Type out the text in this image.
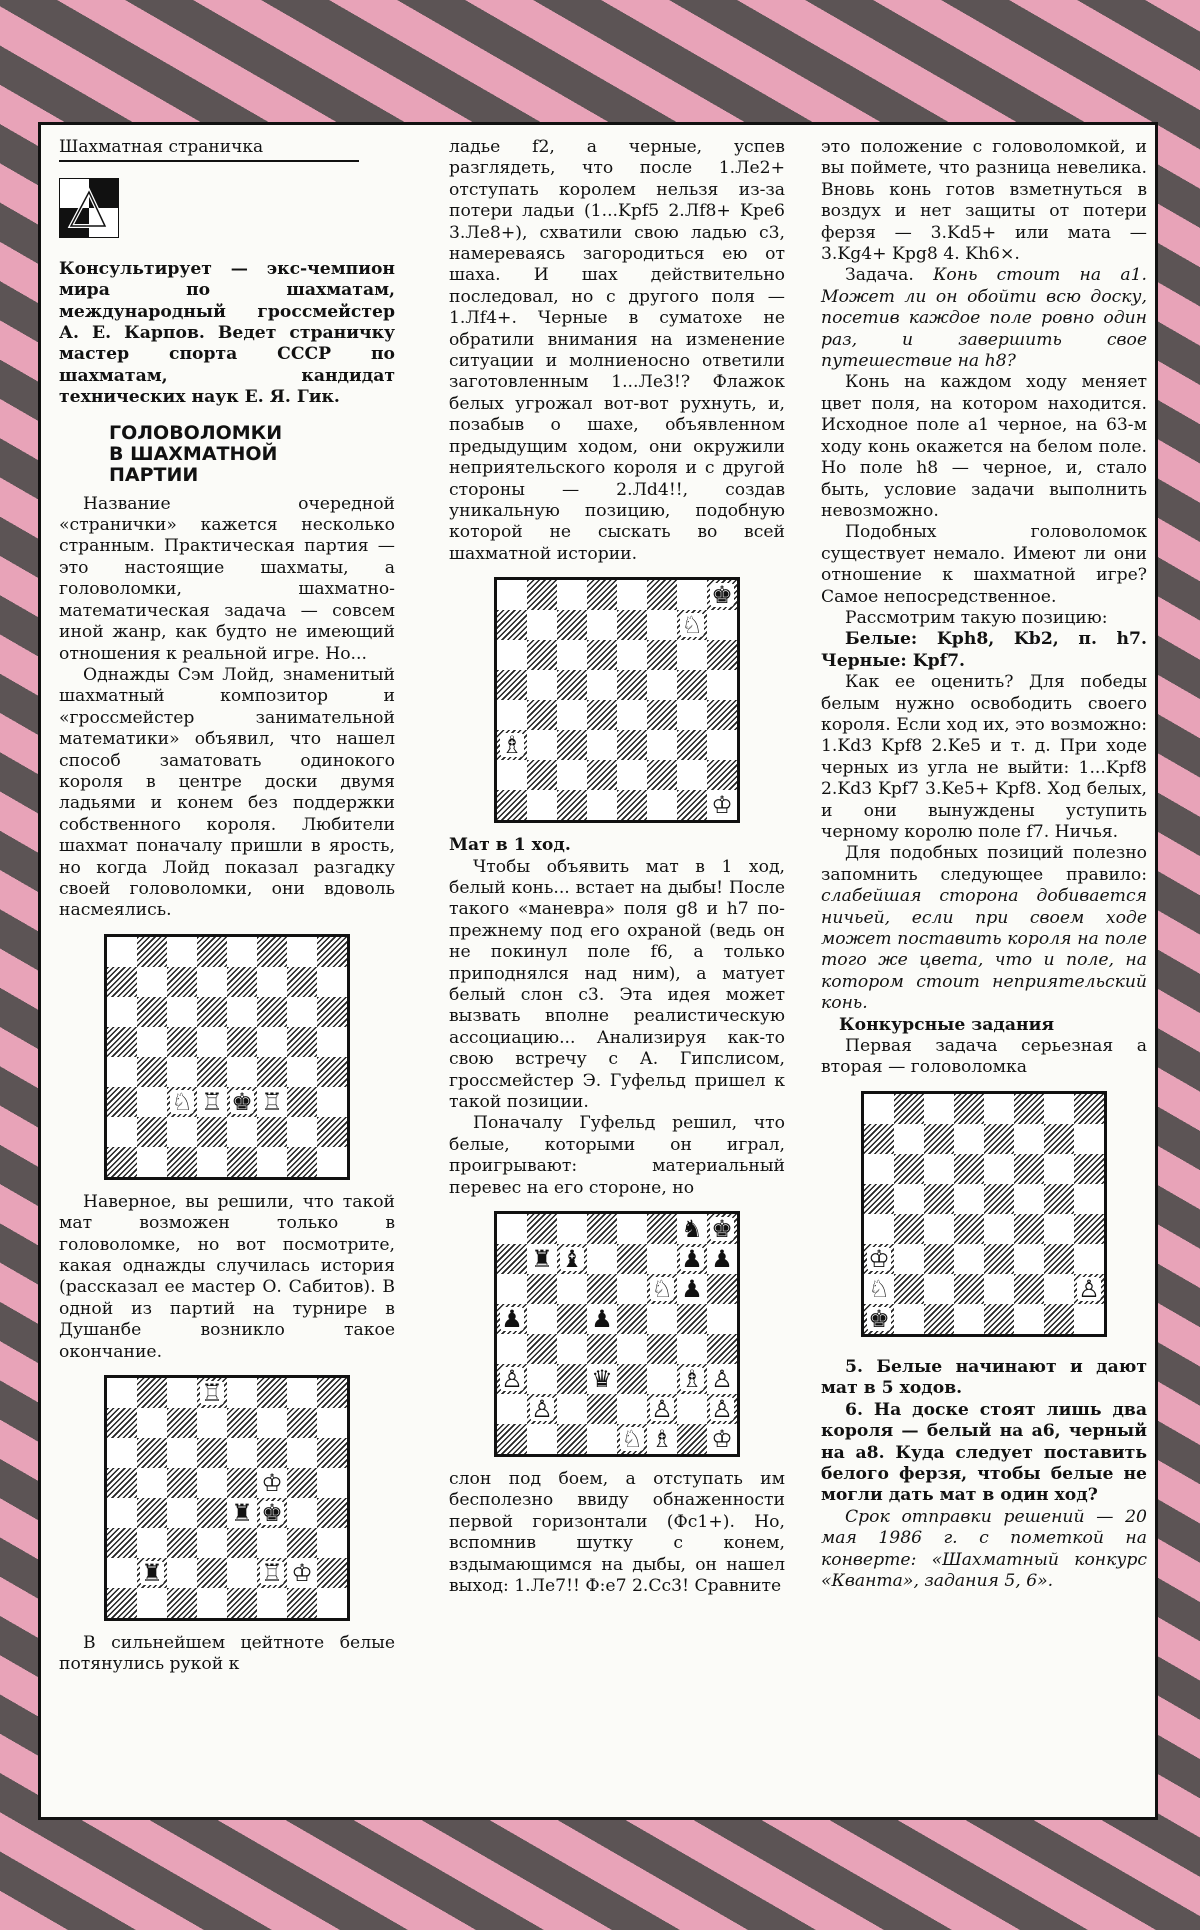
Шахматная страничка

Консультирует — экс-чемпион мира по шахматам, международный гроссмейстер А. Е. Карпов. Ведет страничку мастер спорта СССР по шахматам, кандидат технических наук Е. Я. Гик.

ГОЛОВОЛОМКИ
В ШАХМАТНОЙ
ПАРТИИ

Название очередной «странички» кажется несколько странным. Практическая партия — это настоящие шахматы, а головоломки, шахматно-математическая задача — совсем иной жанр, как будто не имеющий отношения к реальной игре. Но...

Однажды Сэм Лойд, знаменитый шахматный композитор и «гроссмейстер занимательной математики» объявил, что нашел способ заматовать одинокого короля в центре доски двумя ладьями и конем без поддержки собственного короля. Любители шахмат поначалу пришли в ярость, но когда Лойд показал разгадку своей головоломки, они вдоволь насмеялись.

♘ ♖ ♚ ♖

Наверное, вы решили, что такой мат возможен только в головоломке, но вот посмотрите, какая однажды случилась история (рассказал ее мастер О. Сабитов). В одной из партий на турнире в Душанбе возникло такое окончание.

♖
♔
♜ ♚
♜	♖ ♔

В сильнейшем цейтноте белые потянулись рукой к

ладье f2, а черные, успев разглядеть, что после 1.Ле2+ отступать королем нельзя из-за потери ладьи (1...Kpf5 2.Лf8+ Kpe6 3.Ле8+), схватили свою ладью c3, намереваясь загородиться ею от шаха. И шах действительно последовал, но с другого поля — 1.Лf4+. Черные в суматохе не обратили внимания на изменение ситуации и молниеносно ответили заготовленным 1...Ле3!? Флажок белых угрожал вот-вот рухнуть, и, позабыв о шахе, объявленном предыдущим ходом, они окружили неприятельского короля и с другой стороны — 2.Лd4!!, создав уникальную позицию, подобную которой не сыскать во всей шахматной истории.

♚
♘
♗
♔

Мат в 1 ход.

Чтобы объявить мат в 1 ход, белый конь... встает на дыбы! После такого «маневра» поля g8 и h7 по-прежнему под его охраной (ведь он не покинул поле f6, а только приподнялся над ним), а матует белый слон c3. Эта идея может вызвать вполне реалистическую ассоциацию... Анализируя как-то свою встречу с А. Гипслисом, гроссмейстер Э. Гуфельд пришел к такой позиции.

Поначалу Гуфельд решил, что белые, которыми он играл, проигрывают: материальный перевес на его стороне, но

♞ ♚
♜ ♝	♟ ♟
♘ ♟
♟	♟
♙	♛	♗ ♙
♙	♙ ♙
♘ ♗ ♔

слон под боем, а отступать им бесполезно ввиду обнаженности первой горизонтали (Фc1+). Но, вспомнив шутку с конем, вздымающимся на дыбы, он нашел выход: 1.Ле7!! Ф:е7 2.Сc3! Сравните

это положение с головоломкой, и вы поймете, что разница невелика. Вновь конь готов взметнуться в воздух и нет защиты от потери ферзя — 3.Kd5+ или мата — 3.Kg4+ Kpg8 4. Kh6×.

Задача. Конь стоит на a1. Может ли он обойти всю доску, посетив каждое поле ровно один раз, и завершить свое путешествие на h8?

Конь на каждом ходу меняет цвет поля, на котором находится. Исходное поле a1 черное, на 63-м ходу конь окажется на белом поле. Но поле h8 — черное, и, стало быть, условие задачи выполнить невозможно.

Подобных головоломок существует немало. Имеют ли они отношение к шахматной игре? Самое непосредственное.

Рассмотрим такую позицию:

Белые: Kph8, Kb2, п. h7. Черные: Kpf7.

Как ее оценить? Для победы белым нужно освободить своего короля. Если ход их, это возможно: 1.Kd3 Kpf8 2.Ke5 и т. д. При ходе черных из угла не выйти: 1...Kpf8 2.Kd3 Kpf7 3.Ke5+ Kpf8. Ход белых, и они вынуждены уступить черному королю поле f7. Ничья.

Для подобных позиций полезно запомнить следующее правило: слабейшая сторона добивается ничьей, если при своем ходе может поставить короля на поле того же цвета, что и поле, на котором стоит неприятельский конь.

Конкурсные задания

Первая задача серьезная а вторая — головоломка

♔
♘	♙
♚

5. Белые начинают и дают мат в 5 ходов.

6. На доске стоят лишь два короля — белый на a6, черный на a8. Куда следует поставить белого ферзя, чтобы белые не могли дать мат в один ход?

Срок отправки решений — 20 мая 1986 г. с пометкой на конверте: «Шахматный конкурс «Кванта», задания 5, 6».
